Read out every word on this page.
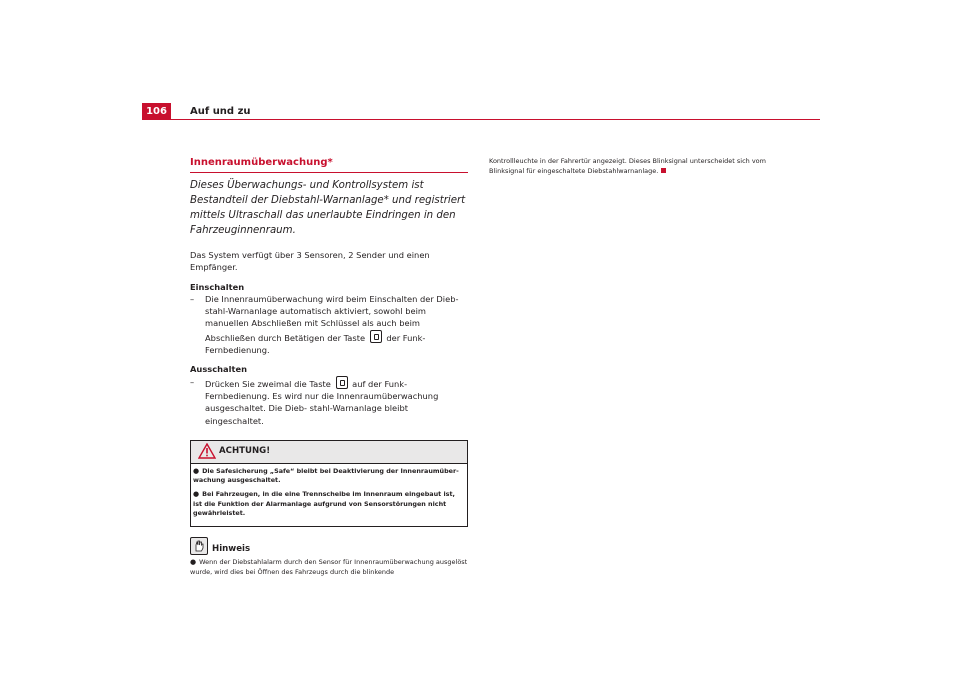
106	Auf und zu
Innenraumüberwachung*
Dieses Überwachungs- und Kontrollsystem ist Bestandteil der Diebstahl-Warnanlage* und registriert mittels Ultraschall das unerlaubte Eindringen in den Fahrzeuginnenraum.
Das System verfügt über 3 Sensoren, 2 Sender und einen Empfänger.
Einschalten
– Die Innenraumüberwachung wird beim Einschalten der Dieb- stahl-Warnanlage automatisch aktiviert, sowohl beim manuellen Abschließen mit Schlüssel als auch beim Abschließen durch Betätigen der Taste	der Funk-Fernbedienung.
Ausschalten
– Drücken Sie zweimal die Taste	auf der Funk-Fernbedienung. Es wird nur die Innenraumüberwachung ausgeschaltet. Die Dieb- stahl-Warnanlage bleibt eingeschaltet.
ACHTUNG!
● Die Safesicherung „Safe“ bleibt bei Deaktivierung der Innenraumüber- wachung ausgeschaltet.
● Bei Fahrzeugen, in die eine Trennscheibe im Innenraum eingebaut ist, ist die Funktion der Alarmanlage aufgrund von Sensorstörungen nicht gewährleistet.
Hinweis
● Wenn der Diebstahlalarm durch den Sensor für Innenraumüberwachung ausgelöst wurde, wird dies bei Öffnen des Fahrzeugs durch die blinkende
Kontrollleuchte in der Fahrertür angezeigt. Dieses Blinksignal unterscheidet sich vom Blinksignal für eingeschaltete Diebstahlwarnanlage.
